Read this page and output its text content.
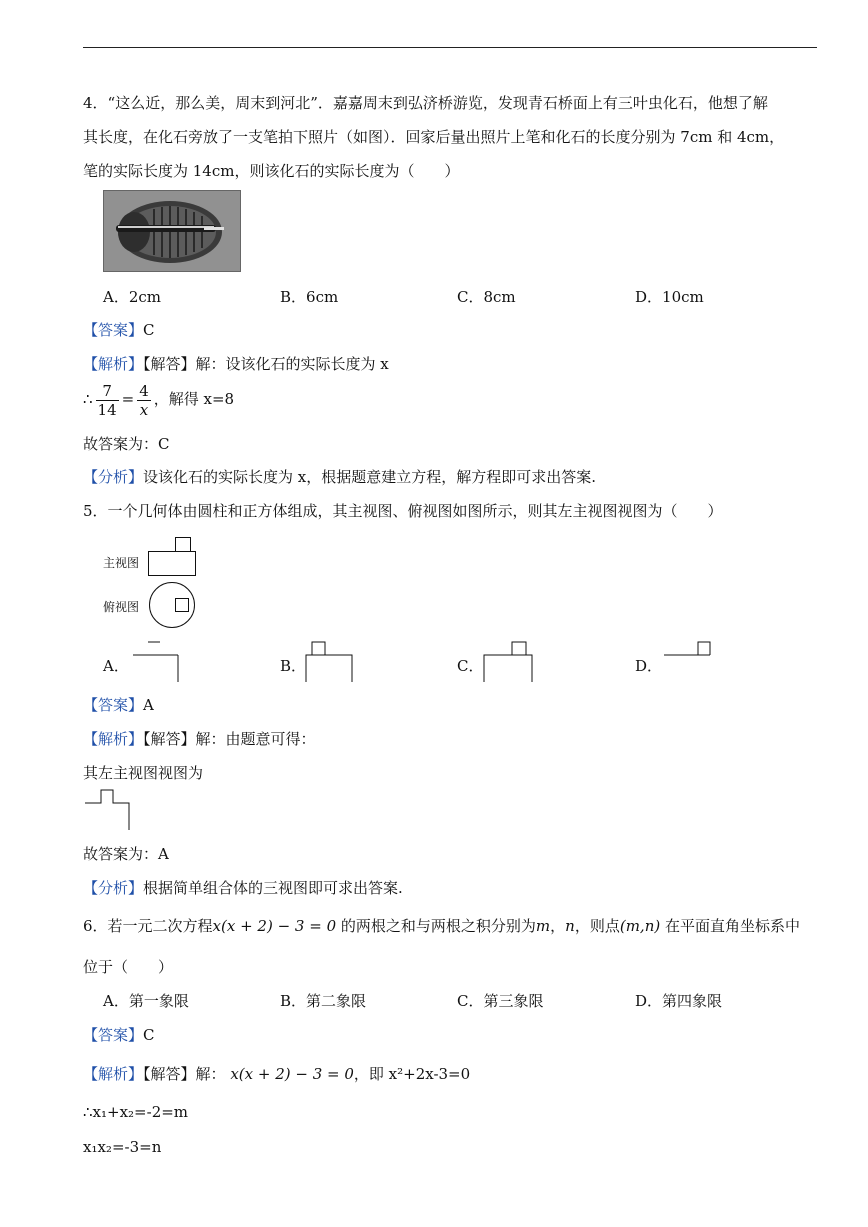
4．“这么近，那么美，周末到河北”．嘉嘉周末到弘济桥游览，发现青石桥面上有三叶虫化石，他想了解
其长度，在化石旁放了一支笔拍下照片（如图）．回家后量出照片上笔和化石的长度分别为 7cm 和 4cm，
笔的实际长度为 14cm，则该化石的实际长度为（　　）
A．2cm	B．6cm	C．8cm	D．10cm
【答案】C
【解析】【解答】解：设该化石的实际长度为 x
∴ $\frac{7}{14} = \frac{4}{x}$ ，解得 x=8
故答案为：C
【分析】设该化石的实际长度为 x，根据题意建立方程，解方程即可求出答案.
5．一个几何体由圆柱和正方体组成，其主视图、俯视图如图所示，则其左主视图视图为（　　）
主视图
俯视图
A．	B．	C．	D．
【答案】A
【解析】【解答】解：由题意可得：
其左主视图视图为
故答案为：A
【分析】根据简单组合体的三视图即可求出答案.
6．若一元二次方程x(x + 2) − 3 = 0 的两根之和与两根之积分别为m，n，则点(m,n) 在平面直角坐标系中
位于（　　）
A．第一象限	B．第二象限	C．第三象限	D．第四象限
【答案】C
【解析】【解答】解： x(x + 2) − 3 = 0，即 x²+2x-3=0
∴x₁+x₂=-2=m
x₁x₂=-3=n
